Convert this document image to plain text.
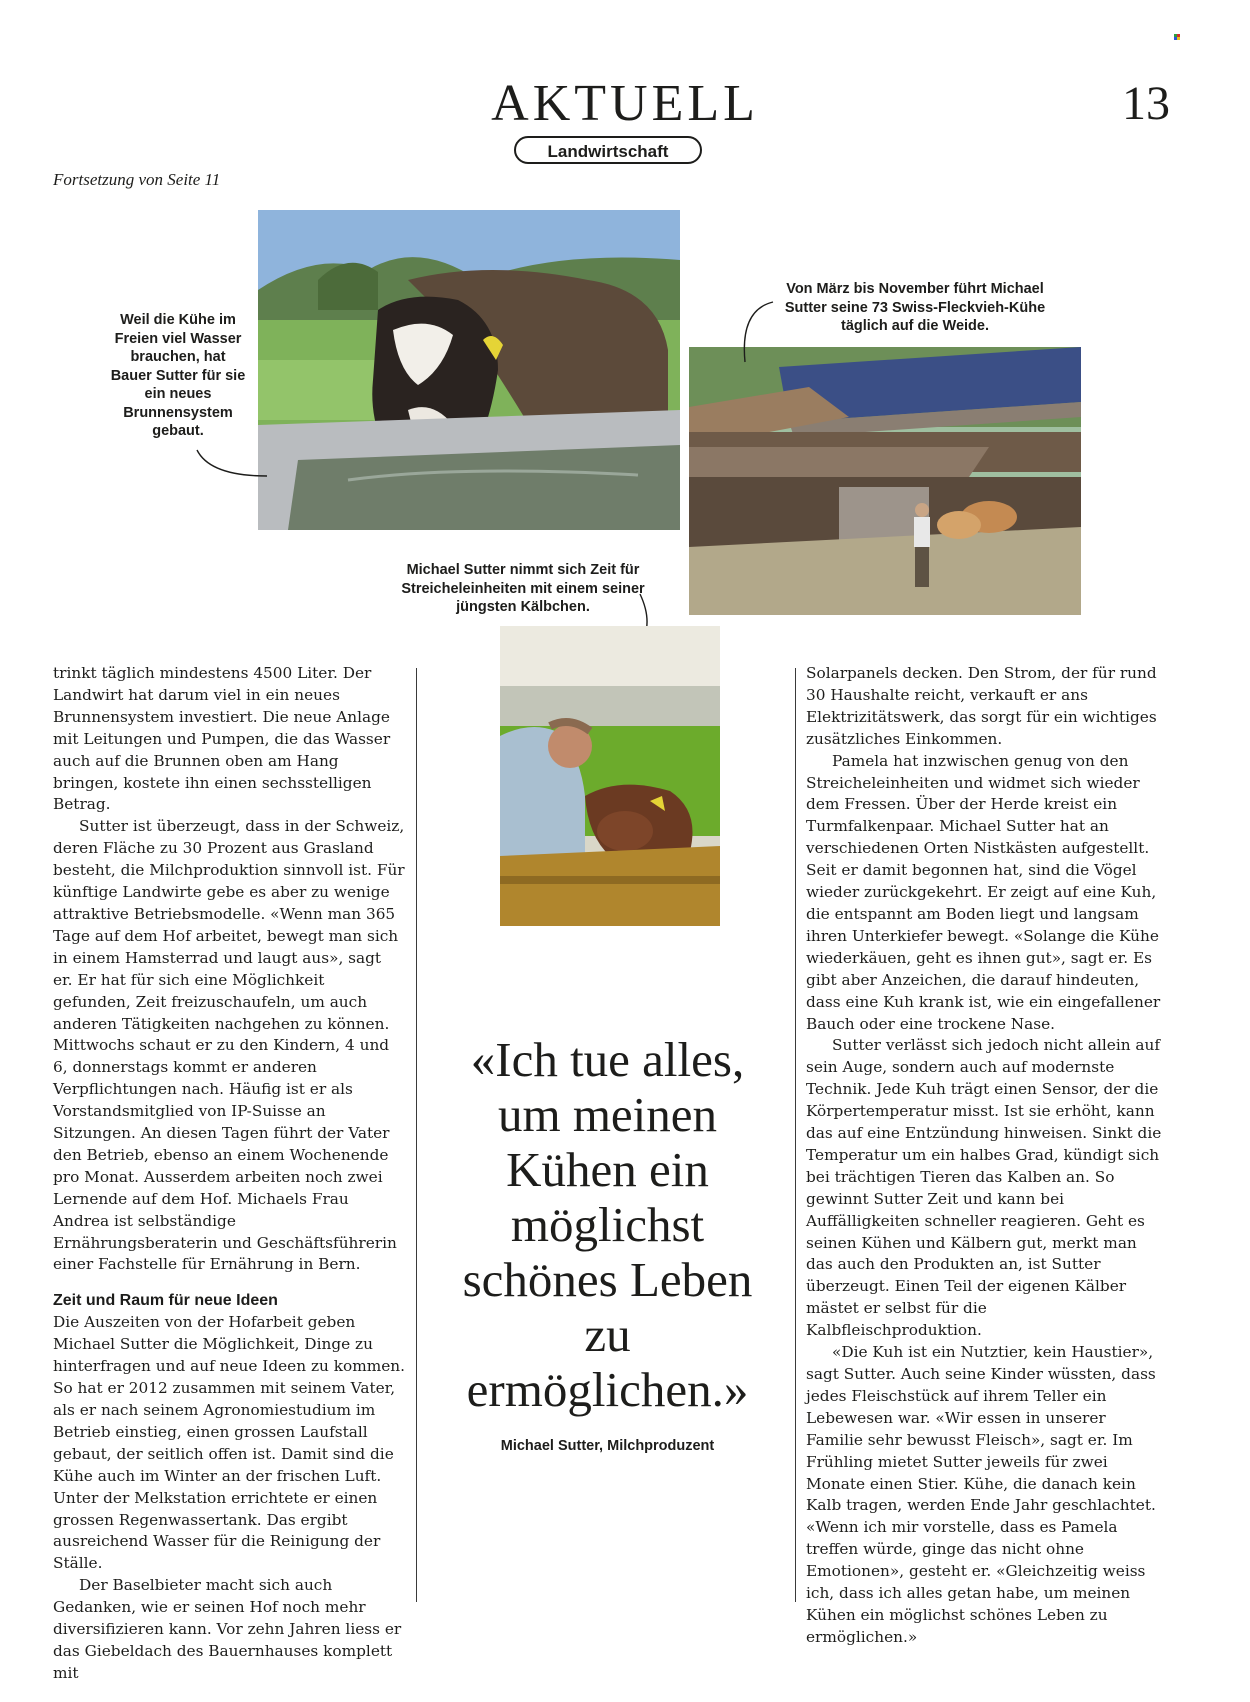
AKTUELL	13
Landwirtschaft
Fortsetzung von Seite 11
Weil die Kühe im Freien viel Wasser brauchen, hat Bauer Sutter für sie ein neues Brunnensystem gebaut.
Von März bis November führt Michael Sutter seine 73 Swiss-Fleckvieh-Kühe täglich auf die Weide.
Michael Sutter nimmt sich Zeit für Streicheleinheiten mit einem seiner jüngsten Kälbchen.

trinkt täglich mindestens 4500 Liter. Der Landwirt hat darum viel in ein neues Brunnensystem investiert. Die neue Anlage mit Leitungen und Pumpen, die das Wasser auch auf die Brunnen oben am Hang bringen, kostete ihn einen sechsstelligen Betrag.

Sutter ist überzeugt, dass in der Schweiz, deren Fläche zu 30 Prozent aus Grasland besteht, die Milchproduktion sinnvoll ist. Für künftige Landwirte gebe es aber zu wenige attraktive Betriebsmodelle. «Wenn man 365 Tage auf dem Hof arbeitet, bewegt man sich in einem Hamsterrad und laugt aus», sagt er. Er hat für sich eine Möglichkeit gefunden, Zeit freizuschaufeln, um auch anderen Tätigkeiten nachgehen zu können. Mittwochs schaut er zu den Kindern, 4 und 6, donnerstags kommt er anderen Verpflichtungen nach. Häufig ist er als Vorstandsmitglied von IP-Suisse an Sitzungen. An diesen Tagen führt der Vater den Betrieb, ebenso an einem Wochenende pro Monat. Ausserdem arbeiten noch zwei Lernende auf dem Hof. Michaels Frau Andrea ist selbständige Ernährungsberaterin und Geschäftsführerin einer Fachstelle für Ernährung in Bern.

Zeit und Raum für neue Ideen

Die Auszeiten von der Hofarbeit geben Michael Sutter die Möglichkeit, Dinge zu hinterfragen und auf neue Ideen zu kommen. So hat er 2012 zusammen mit seinem Vater, als er nach seinem Agronomiestudium im Betrieb einstieg, einen grossen Laufstall gebaut, der seitlich offen ist. Damit sind die Kühe auch im Winter an der frischen Luft. Unter der Melkstation errichtete er einen grossen Regenwassertank. Das ergibt ausreichend Wasser für die Reinigung der Ställe.

Der Baselbieter macht sich auch Gedanken, wie er seinen Hof noch mehr diversifizieren kann. Vor zehn Jahren liess er das Giebeldach des Bauernhauses komplett mit

«Ich tue alles, um meinen Kühen ein möglichst schönes Leben zu ermöglichen.»
Michael Sutter, Milchproduzent

Solarpanels decken. Den Strom, der für rund 30 Haushalte reicht, verkauft er ans Elektrizitätswerk, das sorgt für ein wichtiges zusätzliches Einkommen.

Pamela hat inzwischen genug von den Streicheleinheiten und widmet sich wieder dem Fressen. Über der Herde kreist ein Turmfalkenpaar. Michael Sutter hat an verschiedenen Orten Nistkästen aufgestellt. Seit er damit begonnen hat, sind die Vögel wieder zurückgekehrt. Er zeigt auf eine Kuh, die entspannt am Boden liegt und langsam ihren Unterkiefer bewegt. «Solange die Kühe wiederkäuen, geht es ihnen gut», sagt er. Es gibt aber Anzeichen, die darauf hindeuten, dass eine Kuh krank ist, wie ein eingefallener Bauch oder eine trockene Nase.

Sutter verlässt sich jedoch nicht allein auf sein Auge, sondern auch auf modernste Technik. Jede Kuh trägt einen Sensor, der die Körpertemperatur misst. Ist sie erhöht, kann das auf eine Entzündung hinweisen. Sinkt die Temperatur um ein halbes Grad, kündigt sich bei trächtigen Tieren das Kalben an. So gewinnt Sutter Zeit und kann bei Auffälligkeiten schneller reagieren. Geht es seinen Kühen und Kälbern gut, merkt man das auch den Produkten an, ist Sutter überzeugt. Einen Teil der eigenen Kälber mästet er selbst für die Kalbfleischproduktion.

«Die Kuh ist ein Nutztier, kein Haustier», sagt Sutter. Auch seine Kinder wüssten, dass jedes Fleischstück auf ihrem Teller ein Lebewesen war. «Wir essen in unserer Familie sehr bewusst Fleisch», sagt er. Im Frühling mietet Sutter jeweils für zwei Monate einen Stier. Kühe, die danach kein Kalb tragen, werden Ende Jahr geschlachtet. «Wenn ich mir vorstelle, dass es Pamela treffen würde, ginge das nicht ohne Emotionen», gesteht er. «Gleichzeitig weiss ich, dass ich alles getan habe, um meinen Kühen ein möglichst schönes Leben zu ermöglichen.»
